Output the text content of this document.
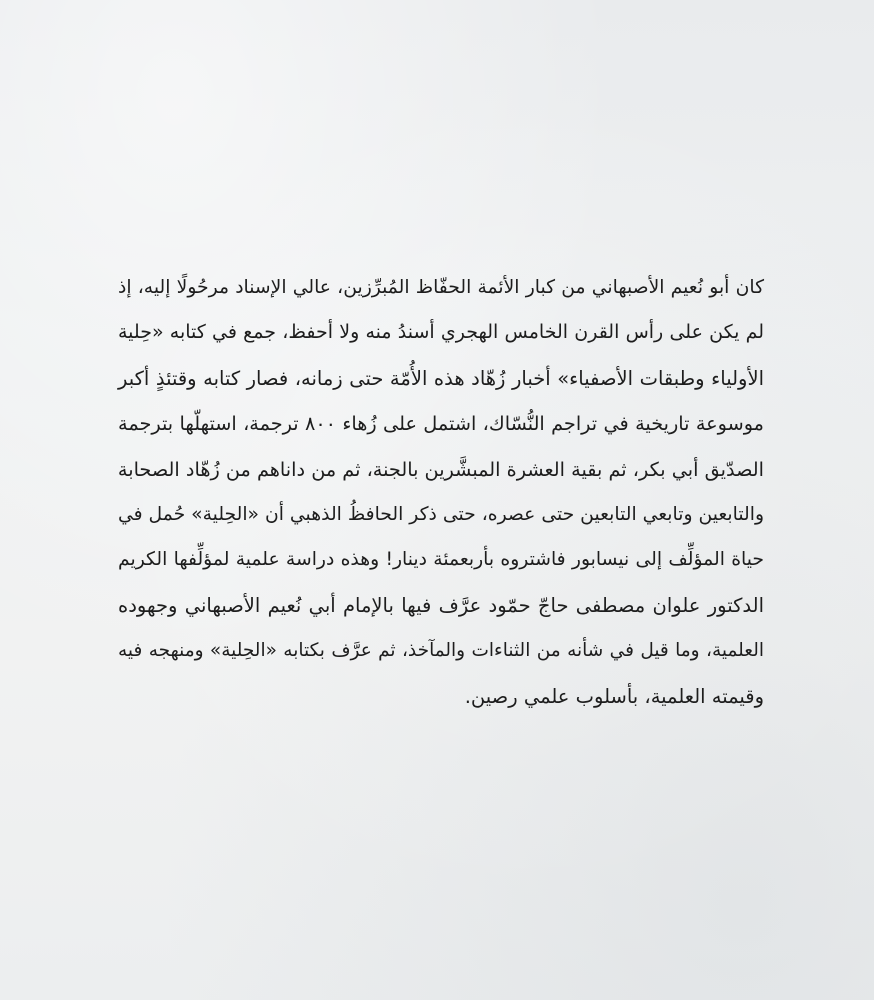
كان أبو نُعيم الأصبهاني من كبار الأئمة الحفّاظ المُبرِّزين، عالي الإسناد مرحُولًا إليه، إذ
لم يكن على رأس القرن الخامس الهجري أسندُ منه ولا أحفظ، جمع في كتابه «حِلية
الأولياء وطبقات الأصفياء» أخبار زُهّاد هذه الأُمّة حتى زمانه، فصار كتابه وقتئذٍ أكبر
موسوعة تاريخية في تراجم النُّسّاك، اشتمل على زُهاء ٨٠٠ ترجمة، استهلّها بترجمة
الصدّيق أبي بكر، ثم بقية العشرة المبشَّرين بالجنة، ثم من داناهم من زُهّاد الصحابة
والتابعين وتابعي التابعين حتى عصره، حتى ذكر الحافظُ الذهبي أن «الحِلية» حُمل في
حياة المؤلِّف إلى نيسابور فاشتروه بأربعمئة دينار! وهذه دراسة علمية لمؤلِّفها الكريم
الدكتور علوان مصطفى حاجّ حمّود عرَّف فيها بالإمام أبي نُعيم الأصبهاني وجهوده
العلمية، وما قيل في شأنه من الثناءات والمآخذ، ثم عرَّف بكتابه «الحِلية» ومنهجه فيه
وقيمته العلمية، بأسلوب علمي رصين.
